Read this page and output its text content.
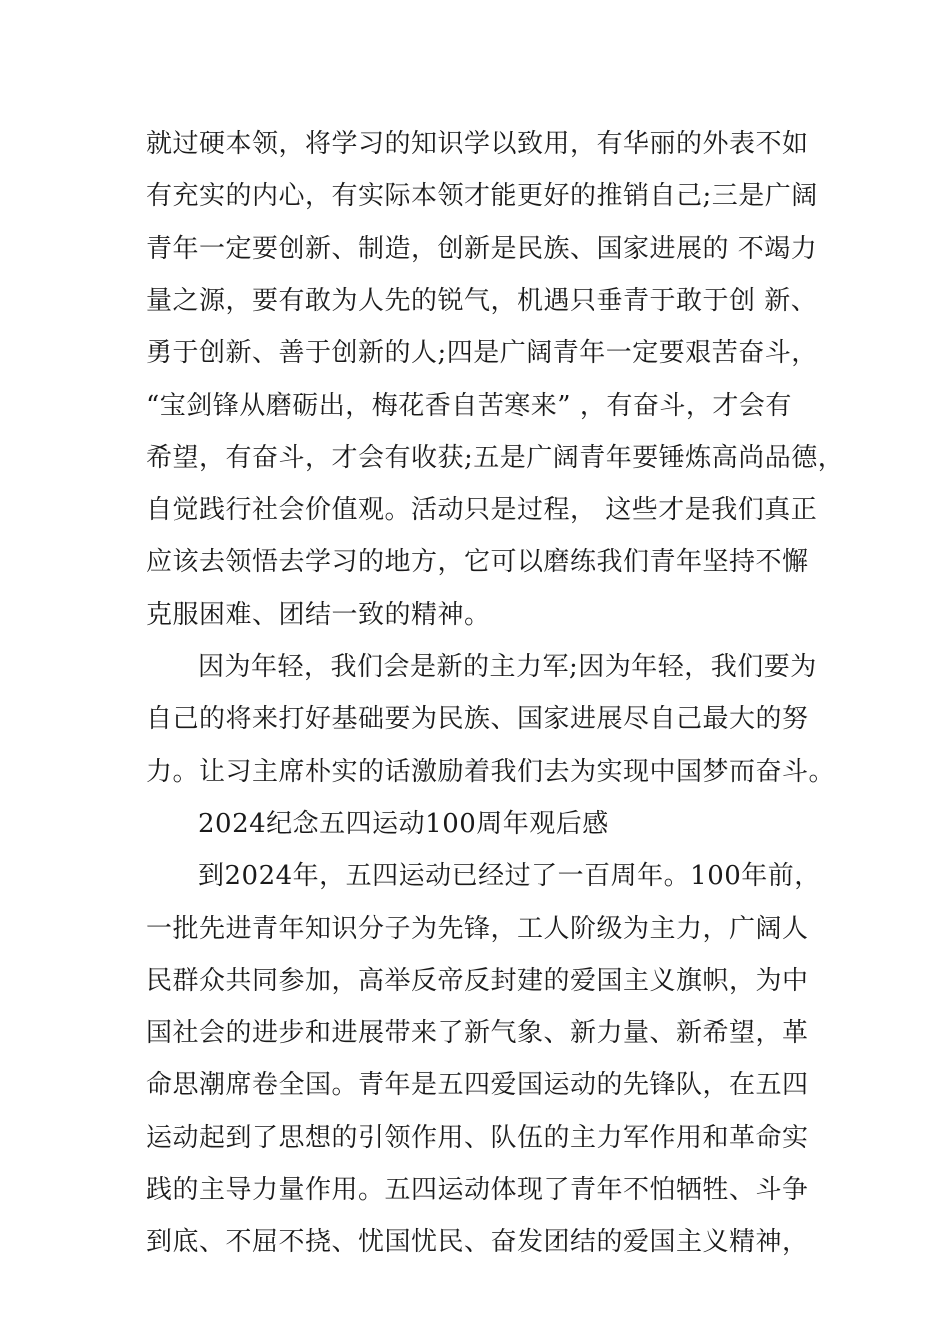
就过硬本领，将学习的知识学以致用，有华丽的外表不如
有充实的内心，有实际本领才能更好的推销自己;三是广阔
青年一定要创新、制造，创新是民族、国家进展的 不竭力
量之源，要有敢为人先的锐气，机遇只垂青于敢于创 新、
勇于创新、善于创新的人;四是广阔青年一定要艰苦奋斗，
“宝剑锋从磨砺出，梅花香自苦寒来” ，有奋斗，才会有
希望，有奋斗，才会有收获;五是广阔青年要锤炼高尚品德，
自觉践行社会价值观。活动只是过程， 这些才是我们真正
应该去领悟去学习的地方，它可以磨练我们青年坚持不懈
克服困难、团结一致的精神。
因为年轻，我们会是新的主力军;因为年轻，我们要为
自己的将来打好基础要为民族、国家进展尽自己最大的努
力。让习主席朴实的话激励着我们去为实现中国梦而奋斗。
2024纪念五四运动100周年观后感
到2024年，五四运动已经过了一百周年。100年前，
一批先进青年知识分子为先锋，工人阶级为主力，广阔人
民群众共同参加，高举反帝反封建的爱国主义旗帜，为中
国社会的进步和进展带来了新气象、新力量、新希望，革
命思潮席卷全国。青年是五四爱国运动的先锋队，在五四
运动起到了思想的引领作用、队伍的主力军作用和革命实
践的主导力量作用。五四运动体现了青年不怕牺牲、斗争
到底、不屈不挠、忧国忧民、奋发团结的爱国主义精神，
